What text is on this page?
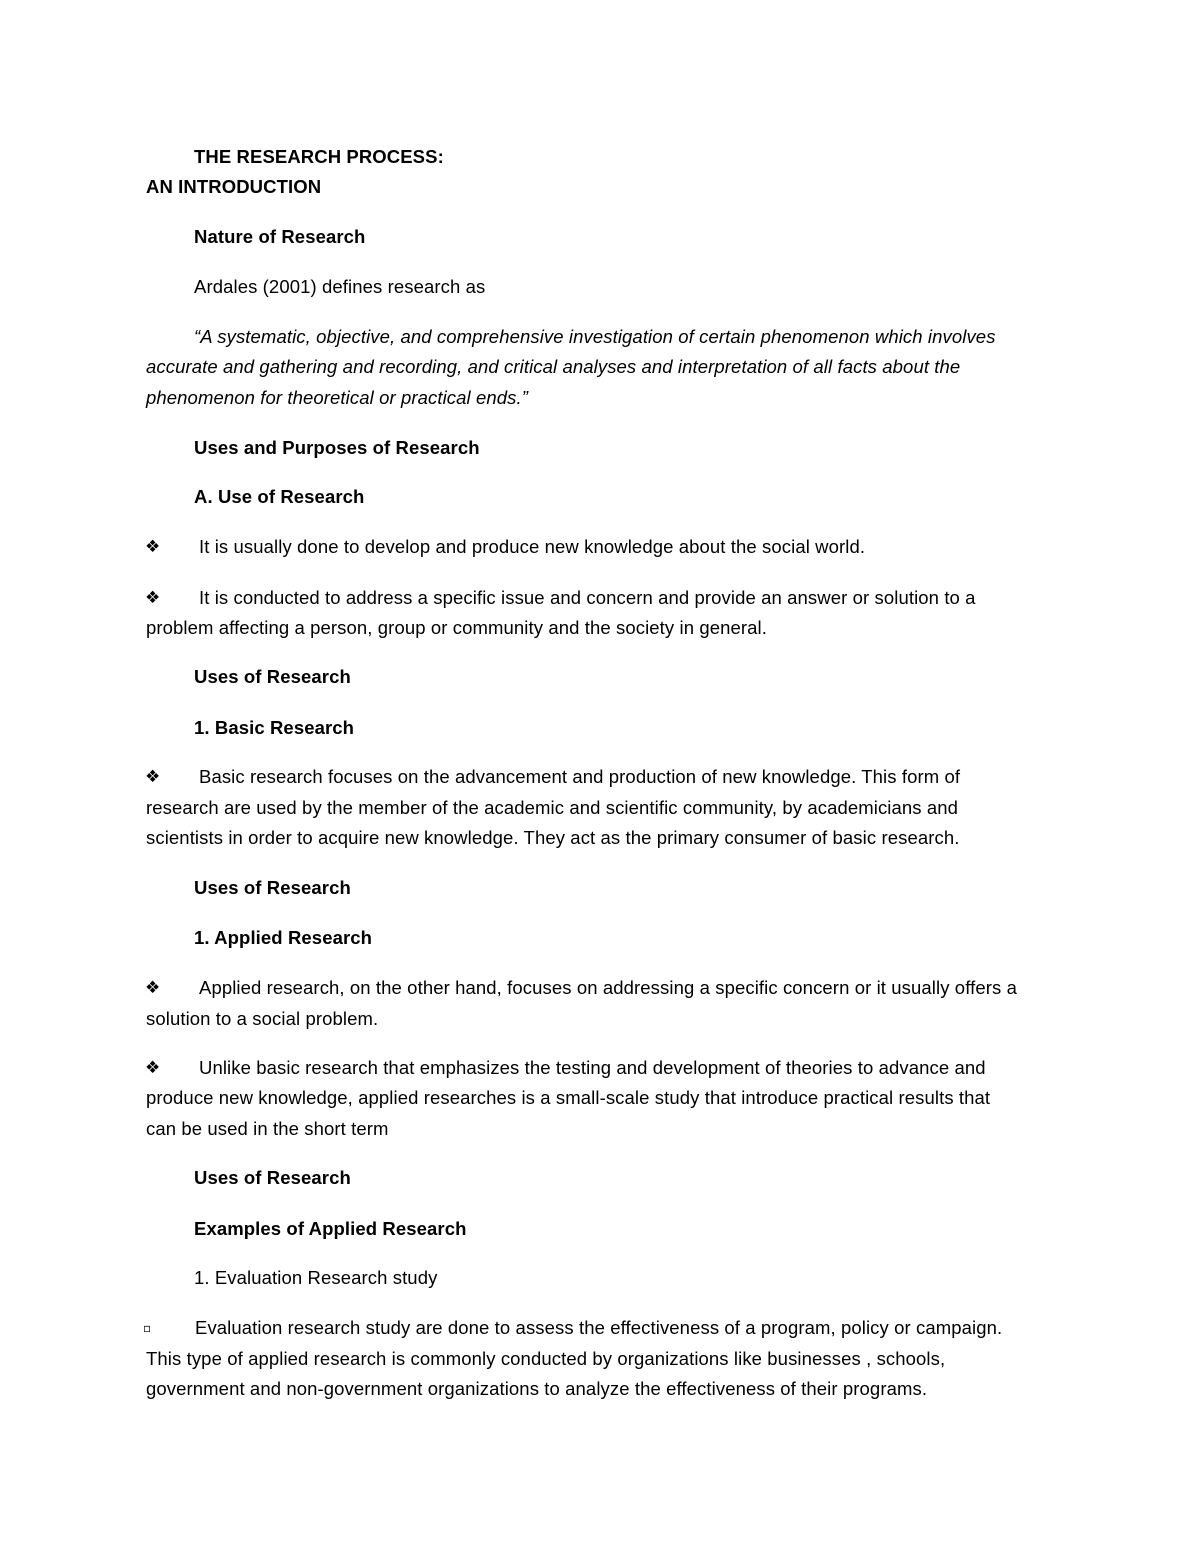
THE RESEARCH PROCESS:
AN INTRODUCTION
Nature of Research
Ardales (2001) defines research as
“A systematic, objective, and comprehensive investigation of certain phenomenon which involves
accurate and gathering and recording, and critical analyses and interpretation of all facts about the
phenomenon for theoretical or practical ends.”
Uses and Purposes of Research
A. Use of Research
❖ It is usually done to develop and produce new knowledge about the social world.
❖ It is conducted to address a specific issue and concern and provide an answer or solution to a
problem affecting a person, group or community and the society in general.
Uses of Research
1. Basic Research
❖ Basic research focuses on the advancement and production of new knowledge. This form of
research are used by the member of the academic and scientific community, by academicians and
scientists in order to acquire new knowledge. They act as the primary consumer of basic research.
Uses of Research
1. Applied Research
❖ Applied research, on the other hand, focuses on addressing a specific concern or it usually offers a
solution to a social problem.
❖ Unlike basic research that emphasizes the testing and development of theories to advance and
produce new knowledge, applied researches is a small-scale study that introduce practical results that
can be used in the short term
Uses of Research
Examples of Applied Research
1. Evaluation Research study
▫ Evaluation research study are done to assess the effectiveness of a program, policy or campaign.
This type of applied research is commonly conducted by organizations like businesses , schools,
government and non-government organizations to analyze the effectiveness of their programs.
